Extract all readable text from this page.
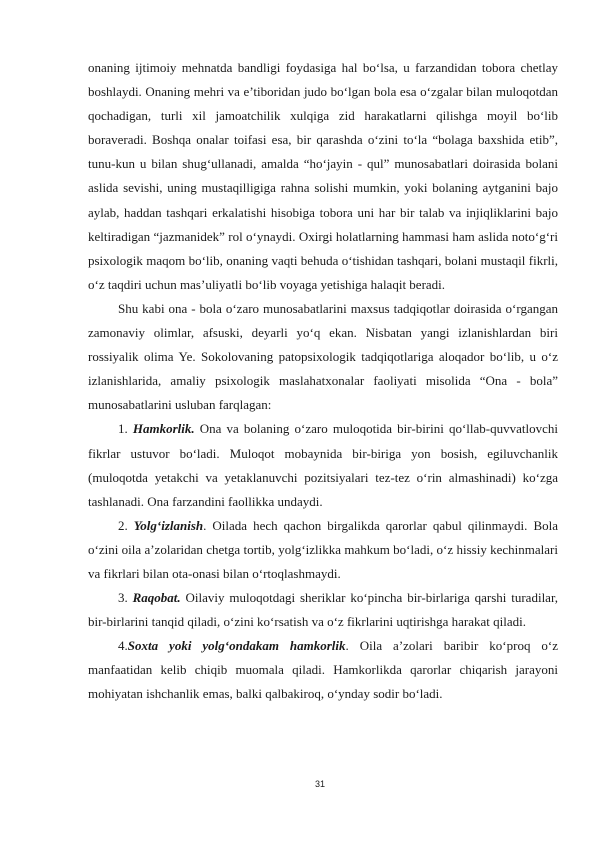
onaning ijtimoiy mehnatda bandligi foydasiga hal bo‘lsa, u farzandidan tobora chetlay boshlaydi. Onaning mehri va e’tiboridan judo bo‘lgan bola esa o‘zgalar bilan muloqotdan qochadigan, turli xil jamoatchilik xulqiga zid harakatlarni qilishga moyil bo‘lib boraveradi. Boshqa onalar toifasi esa, bir qarashda o‘zini to‘la “bolaga baxshida etib”, tunu-kun u bilan shug‘ullanadi, amalda “ho‘jayin - qul” munosabatlari doirasida bolani aslida sevishi, uning mustaqilligiga rahna solishi mumkin, yoki bolaning aytganini bajo aylab, haddan tashqari erkalatishi hisobiga tobora uni har bir talab va injiqliklarini bajo keltiradigan “jazmanidek” rol o‘ynaydi. Oxirgi holatlarning hammasi ham aslida noto‘g‘ri psixologik maqom bo‘lib, onaning vaqti behuda o‘tishidan tashqari, bolani mustaqil fikrli, o‘z taqdiri uchun mas’uliyatli bo‘lib voyaga yetishiga halaqit beradi.

Shu kabi ona - bola o‘zaro munosabatlarini maxsus tadqiqotlar doirasida o‘rgangan zamonaviy olimlar, afsuski, deyarli yo‘q ekan. Nisbatan yangi izlanishlardan biri rossiyalik olima Ye. Sokolovaning patopsixologik tadqiqotlariga aloqador bo‘lib, u o‘z izlanishlarida, amaliy psixologik maslahatxonalar faoliyati misolida “Ona - bola” munosabatlarini usluban farqlagan:

1. Hamkorlik. Ona va bolaning o‘zaro muloqotida bir-birini qo‘llab-quvvatlovchi fikrlar ustuvor bo‘ladi. Muloqot mobaynida bir-biriga yon bosish, egiluvchanlik (muloqotda yetakchi va yetaklanuvchi pozitsiyalari tez-tez o‘rin almashinadi) ko‘zga tashlanadi. Ona farzandini faollikka undaydi.

2. Yolg‘izlanish. Oilada hech qachon birgalikda qarorlar qabul qilinmaydi. Bola o‘zini oila a’zolaridan chetga tortib, yolg‘izlikka mahkum bo‘ladi, o‘z hissiy kechinmalari va fikrlari bilan ota-onasi bilan o‘rtoqlashmaydi.

3. Raqobat. Oilaviy muloqotdagi sheriklar ko‘pincha bir-birlariga qarshi turadilar, bir-birlarini tanqid qiladi, o‘zini ko‘rsatish va o‘z fikrlarini uqtirishga harakat qiladi.

4.Soxta yoki yolg‘ondakam hamkorlik. Oila a’zolari baribir ko‘proq o‘z manfaatidan kelib chiqib muomala qiladi. Hamkorlikda qarorlar chiqarish jarayoni mohiyatan ishchanlik emas, balki qalbakiroq, o‘ynday sodir bo‘ladi.

31
